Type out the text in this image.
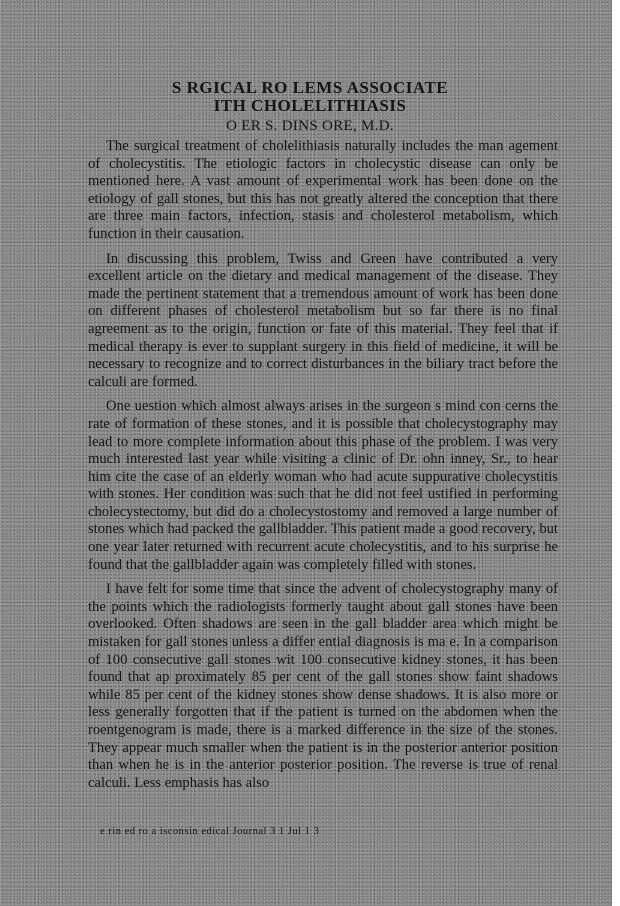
S RGICAL RO LEMS ASSOCIATE
ITH CHOLELITHIASIS
O ER S. DINS ORE, M.D.

The surgical treatment of cholelithiasis naturally includes the man agement of cholecystitis. The etiologic factors in cholecystic disease can only be mentioned here. A vast amount of experimental work has been done on the etiology of gall stones, but this has not greatly altered the conception that there are three main factors, infection, stasis and cholesterol metabolism, which function in their causation.

In discussing this problem, Twiss and Green have contributed a very excellent article on the dietary and medical management of the disease. They made the pertinent statement that a tremendous amount of work has been done on different phases of cholesterol metabolism but so far there is no final agreement as to the origin, function or fate of this material. They feel that if medical therapy is ever to supplant surgery in this field of medicine, it will be necessary to recognize and to correct disturbances in the biliary tract before the calculi are formed.

One uestion which almost always arises in the surgeon s mind con cerns the rate of formation of these stones, and it is possible that cholecystography may lead to more complete information about this phase of the problem. I was very much interested last year while visiting a clinic of Dr. ohn inney, Sr., to hear him cite the case of an elderly woman who had acute suppurative cholecystitis with stones. Her condition was such that he did not feel ustified in performing cholecystectomy, but did do a cholecystostomy and removed a large number of stones which had packed the gallbladder. This patient made a good recovery, but one year later returned with recurrent acute cholecystitis, and to his surprise he found that the gallbladder again was completely filled with stones.

I have felt for some time that since the advent of cholecystography many of the points which the radiologists formerly taught about gall stones have been overlooked. Often shadows are seen in the gall bladder area which might be mistaken for gall stones unless a differ ential diagnosis is ma e. In a comparison of 100 consecutive gall stones wit 100 consecutive kidney stones, it has been found that ap proximately 85 per cent of the gall stones show faint shadows while 85 per cent of the kidney stones show dense shadows. It is also more or less generally forgotten that if the patient is turned on the abdomen when the roentgenogram is made, there is a marked difference in the size of the stones. They appear much smaller when the patient is in the posterior anterior position than when he is in the anterior posterior position. The reverse is true of renal calculi. Less emphasis has also

e rin ed ro a isconsin edical Journal 3 1 Jul 1 3
